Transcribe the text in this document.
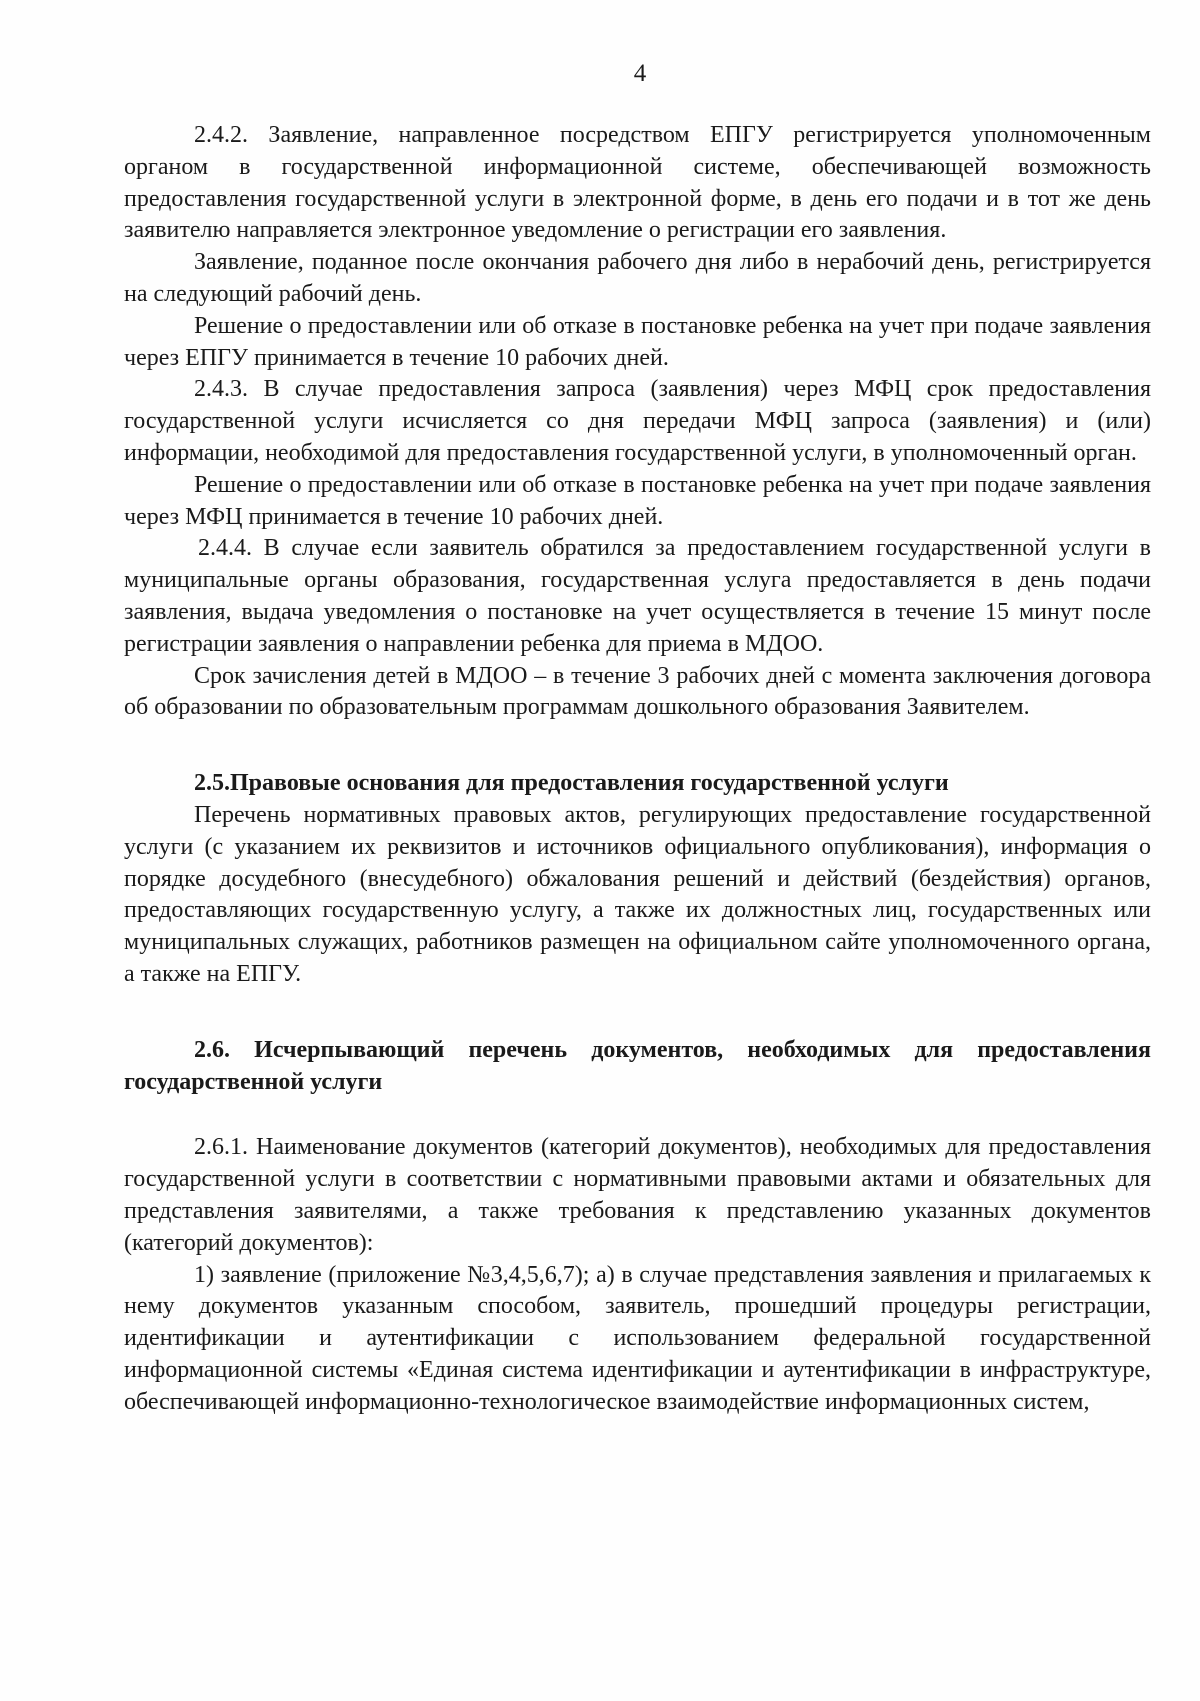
4

2.4.2. Заявление, направленное посредством ЕПГУ регистрируется уполномоченным органом в государственной информационной системе, обеспечивающей возможность предоставления государственной услуги в электронной форме, в день его подачи и в тот же день заявителю направляется электронное уведомление о регистрации его заявления.

Заявление, поданное после окончания рабочего дня либо в нерабочий день, регистрируется на следующий рабочий день.

Решение о предоставлении или об отказе в постановке ребенка на учет при подаче заявления через ЕПГУ принимается в течение 10 рабочих дней.

2.4.3. В случае предоставления запроса (заявления) через МФЦ срок предоставления государственной услуги исчисляется со дня передачи МФЦ запроса (заявления) и (или) информации, необходимой для предоставления государственной услуги, в уполномоченный орган.

Решение о предоставлении или об отказе в постановке ребенка на учет при подаче заявления через МФЦ принимается в течение 10 рабочих дней.

2.4.4. В случае если заявитель обратился за предоставлением государственной услуги в муниципальные органы образования, государственная услуга предоставляется в день подачи заявления, выдача уведомления о постановке на учет осуществляется в течение 15 минут после регистрации заявления о направлении ребенка для приема в МДОО.

Срок зачисления детей в МДОО – в течение 3 рабочих дней с момента заключения договора об образовании по образовательным программам дошкольного образования Заявителем.

2.5.Правовые основания для предоставления государственной услуги

Перечень нормативных правовых актов, регулирующих предоставление государственной услуги (с указанием их реквизитов и источников официального опубликования), информация о порядке досудебного (внесудебного) обжалования решений и действий (бездействия) органов, предоставляющих государственную услугу, а также их должностных лиц, государственных или муниципальных служащих, работников размещен на официальном сайте уполномоченного органа, а также на ЕПГУ.

2.6. Исчерпывающий перечень документов, необходимых для предоставления государственной услуги

2.6.1. Наименование документов (категорий документов), необходимых для предоставления государственной услуги в соответствии с нормативными правовыми актами и обязательных для представления заявителями, а также требования к представлению указанных документов (категорий документов):

1) заявление (приложение №3,4,5,6,7); а) в случае представления заявления и прилагаемых к нему документов указанным способом, заявитель, прошедший процедуры регистрации, идентификации и аутентификации с использованием федеральной государственной информационной системы «Единая система идентификации и аутентификации в инфраструктуре, обеспечивающей информационно-технологическое взаимодействие информационных систем,
